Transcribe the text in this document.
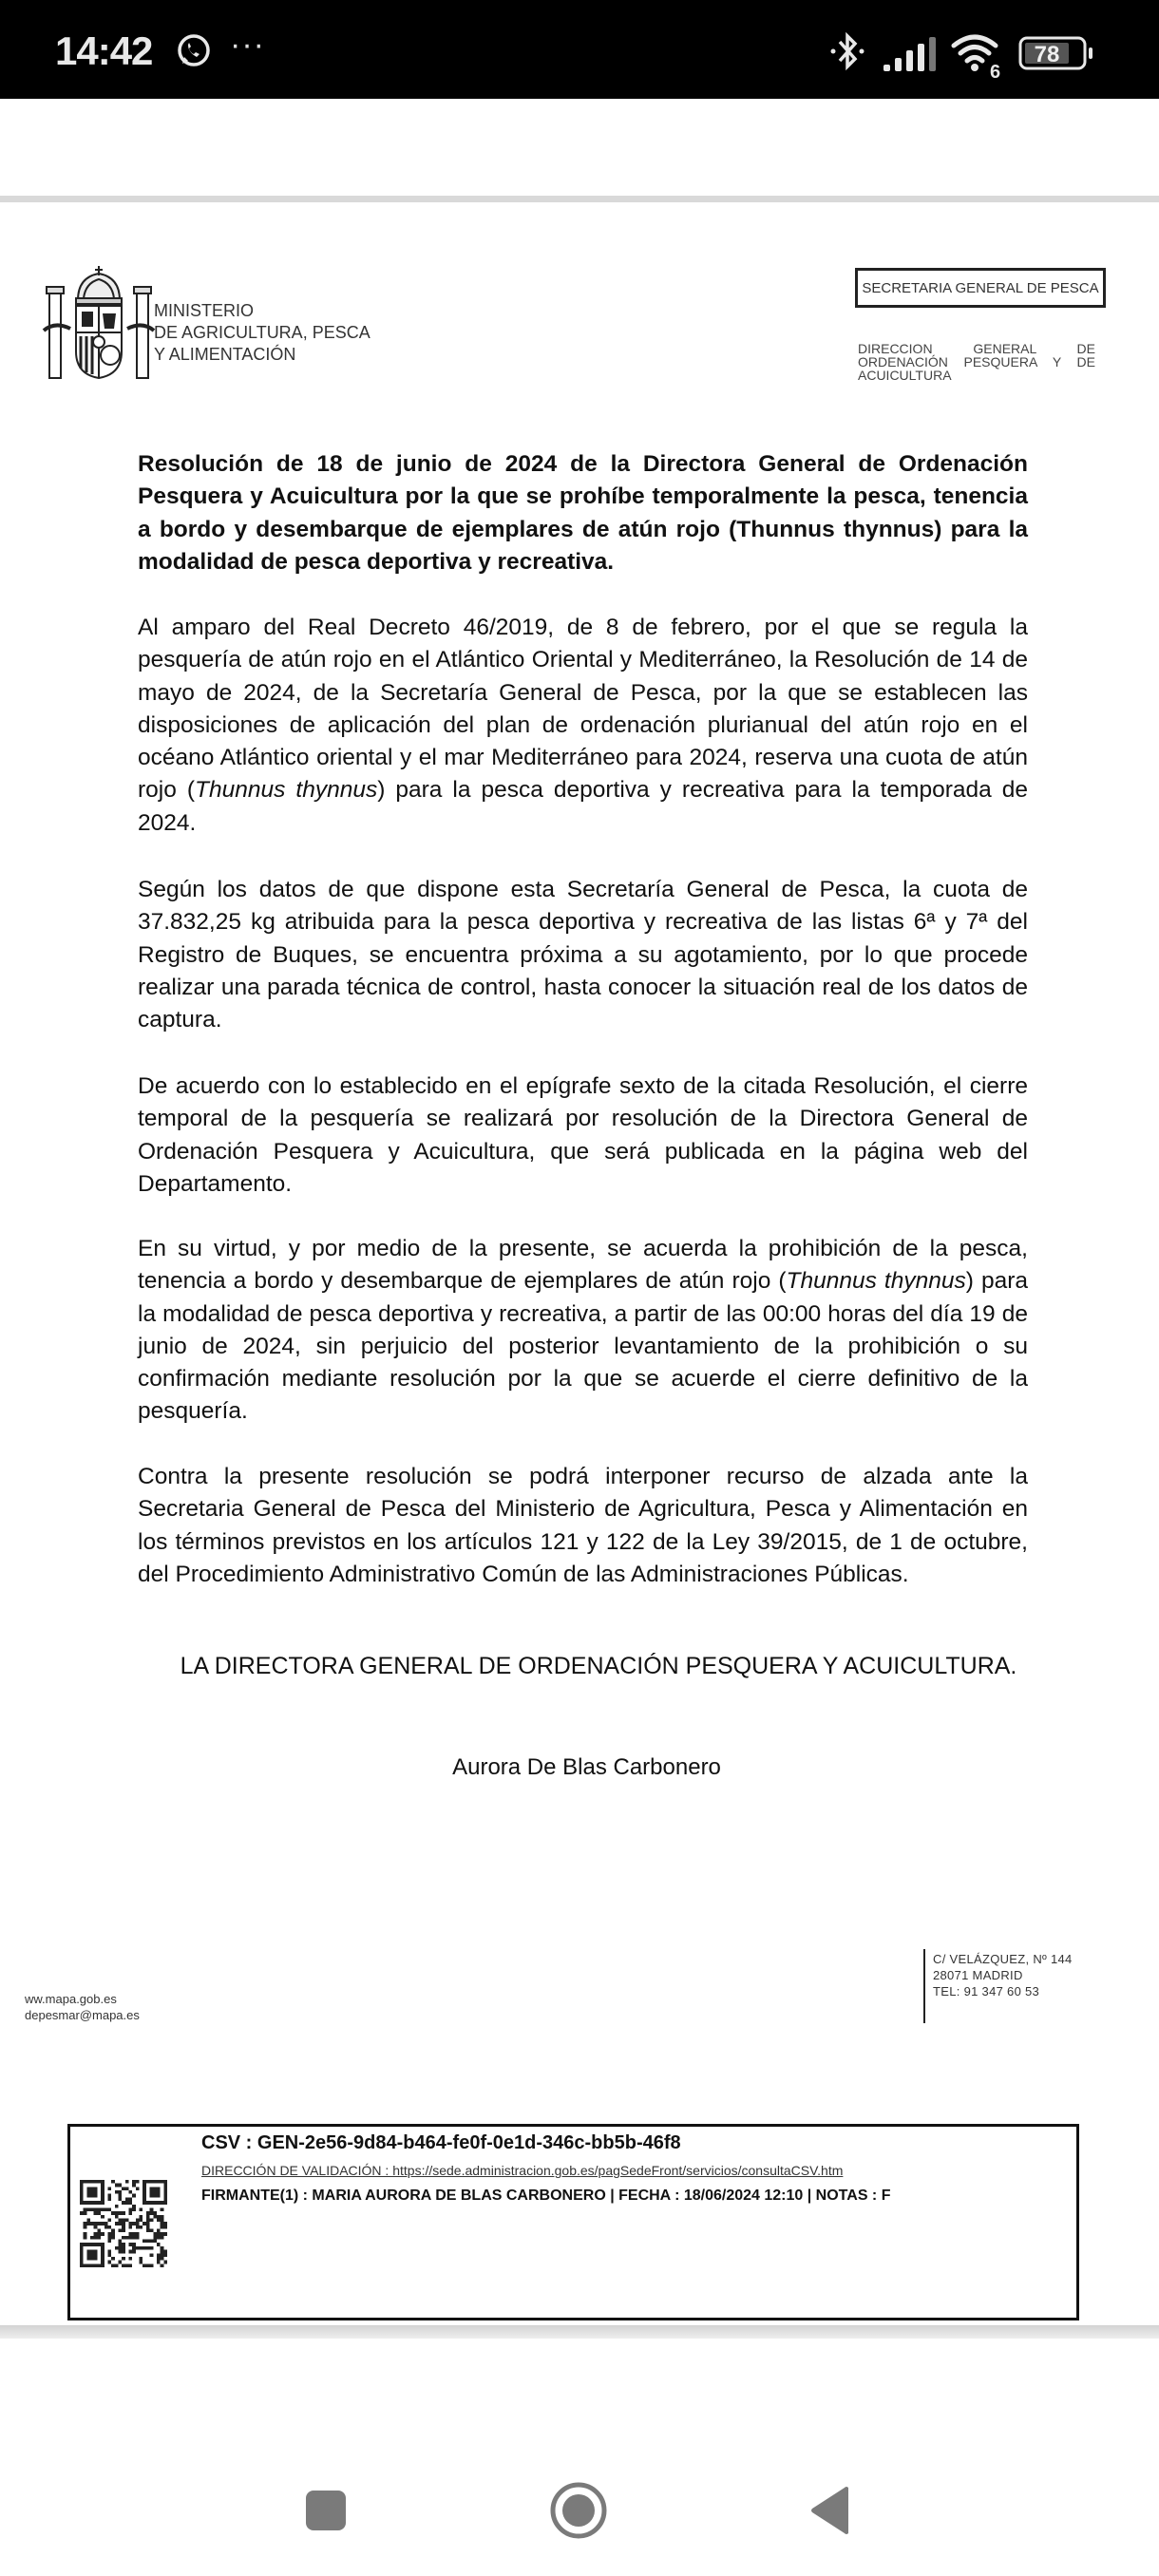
14:42 ···
6
78
MINISTERIO
DE AGRICULTURA, PESCA
Y ALIMENTACIÓN
SECRETARIA GENERAL DE PESCA
DIRECCION GENERAL DE
ORDENACIÓN PESQUERA Y DE
ACUICULTURA

Resolución de 18 de junio de 2024 de la Directora General de Ordenación Pesquera y Acuicultura por la que se prohíbe temporalmente la pesca, tenencia a bordo y desembarque de ejemplares de atún rojo (Thunnus thynnus) para la modalidad de pesca deportiva y recreativa.

Al amparo del Real Decreto 46/2019, de 8 de febrero, por el que se regula la pesquería de atún rojo en el Atlántico Oriental y Mediterráneo, la Resolución de 14 de mayo de 2024, de la Secretaría General de Pesca, por la que se establecen las disposiciones de aplicación del plan de ordenación plurianual del atún rojo en el océano Atlántico oriental y el mar Mediterráneo para 2024, reserva una cuota de atún rojo (Thunnus thynnus) para la pesca deportiva y recreativa para la temporada de 2024.

Según los datos de que dispone esta Secretaría General de Pesca, la cuota de 37.832,25 kg atribuida para la pesca deportiva y recreativa de las listas 6ª y 7ª del Registro de Buques, se encuentra próxima a su agotamiento, por lo que procede realizar una parada técnica de control, hasta conocer la situación real de los datos de captura.

De acuerdo con lo establecido en el epígrafe sexto de la citada Resolución, el cierre temporal de la pesquería se realizará por resolución de la Directora General de Ordenación Pesquera y Acuicultura, que será publicada en la página web del Departamento.

En su virtud, y por medio de la presente, se acuerda la prohibición de la pesca, tenencia a bordo y desembarque de ejemplares de atún rojo (Thunnus thynnus) para la modalidad de pesca deportiva y recreativa, a partir de las 00:00 horas del día 19 de junio de 2024, sin perjuicio del posterior levantamiento de la prohibición o su confirmación mediante resolución por la que se acuerde el cierre definitivo de la pesquería.

Contra la presente resolución se podrá interponer recurso de alzada ante la Secretaria General de Pesca del Ministerio de Agricultura, Pesca y Alimentación en los términos previstos en los artículos 121 y 122 de la Ley 39/2015, de 1 de octubre, del Procedimiento Administrativo Común de las Administraciones Públicas.

LA DIRECTORA GENERAL DE ORDENACIÓN PESQUERA Y ACUICULTURA.
Aurora De Blas Carbonero
ww.mapa.gob.es
depesmar@mapa.es
C/ VELÁZQUEZ, Nº 144
28071 MADRID
TEL: 91 347 60 53
CSV : GEN-2e56-9d84-b464-fe0f-0e1d-346c-bb5b-46f8
DIRECCIÓN DE VALIDACIÓN : https://sede.administracion.gob.es/pagSedeFront/servicios/consultaCSV.htm
FIRMANTE(1) : MARIA AURORA DE BLAS CARBONERO | FECHA : 18/06/2024 12:10 | NOTAS : F
